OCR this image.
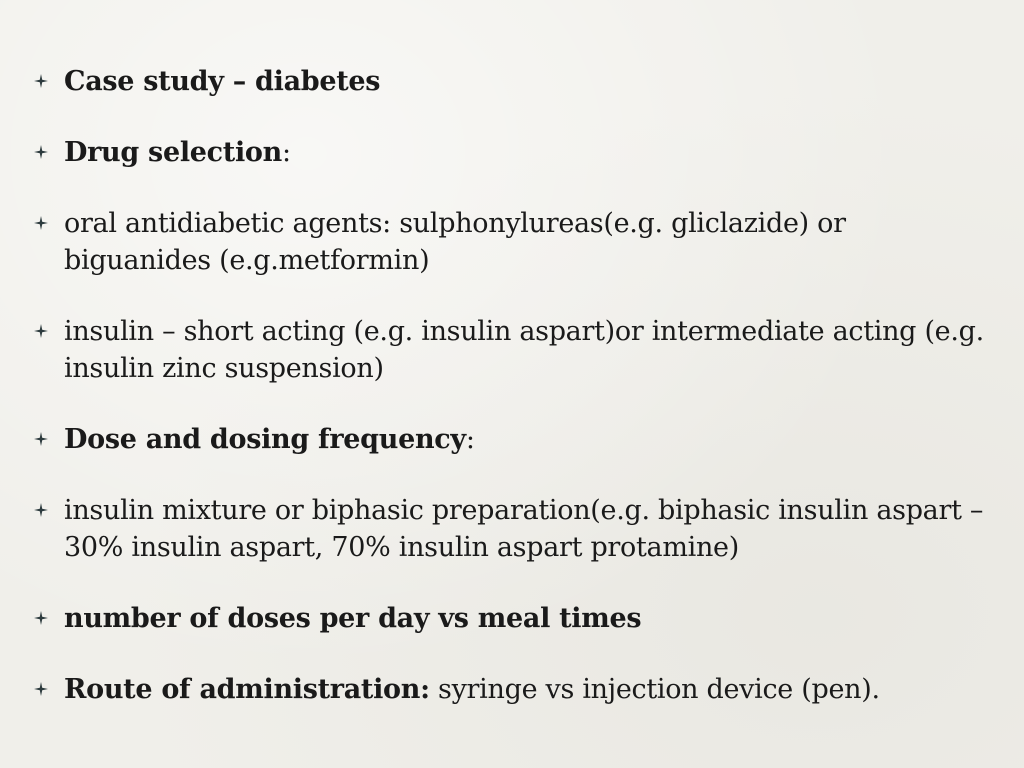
Case study – diabetes
Drug selection:
oral antidiabetic agents: sulphonylureas(e.g. gliclazide) or biguanides (e.g.metformin)
insulin – short acting (e.g. insulin aspart)or intermediate acting (e.g. insulin zinc suspension)
Dose and dosing frequency:
insulin mixture or biphasic preparation(e.g. biphasic insulin aspart – 30% insulin aspart, 70% insulin aspart protamine)
number of doses per day vs meal times
Route of administration: syringe vs injection device (pen).
